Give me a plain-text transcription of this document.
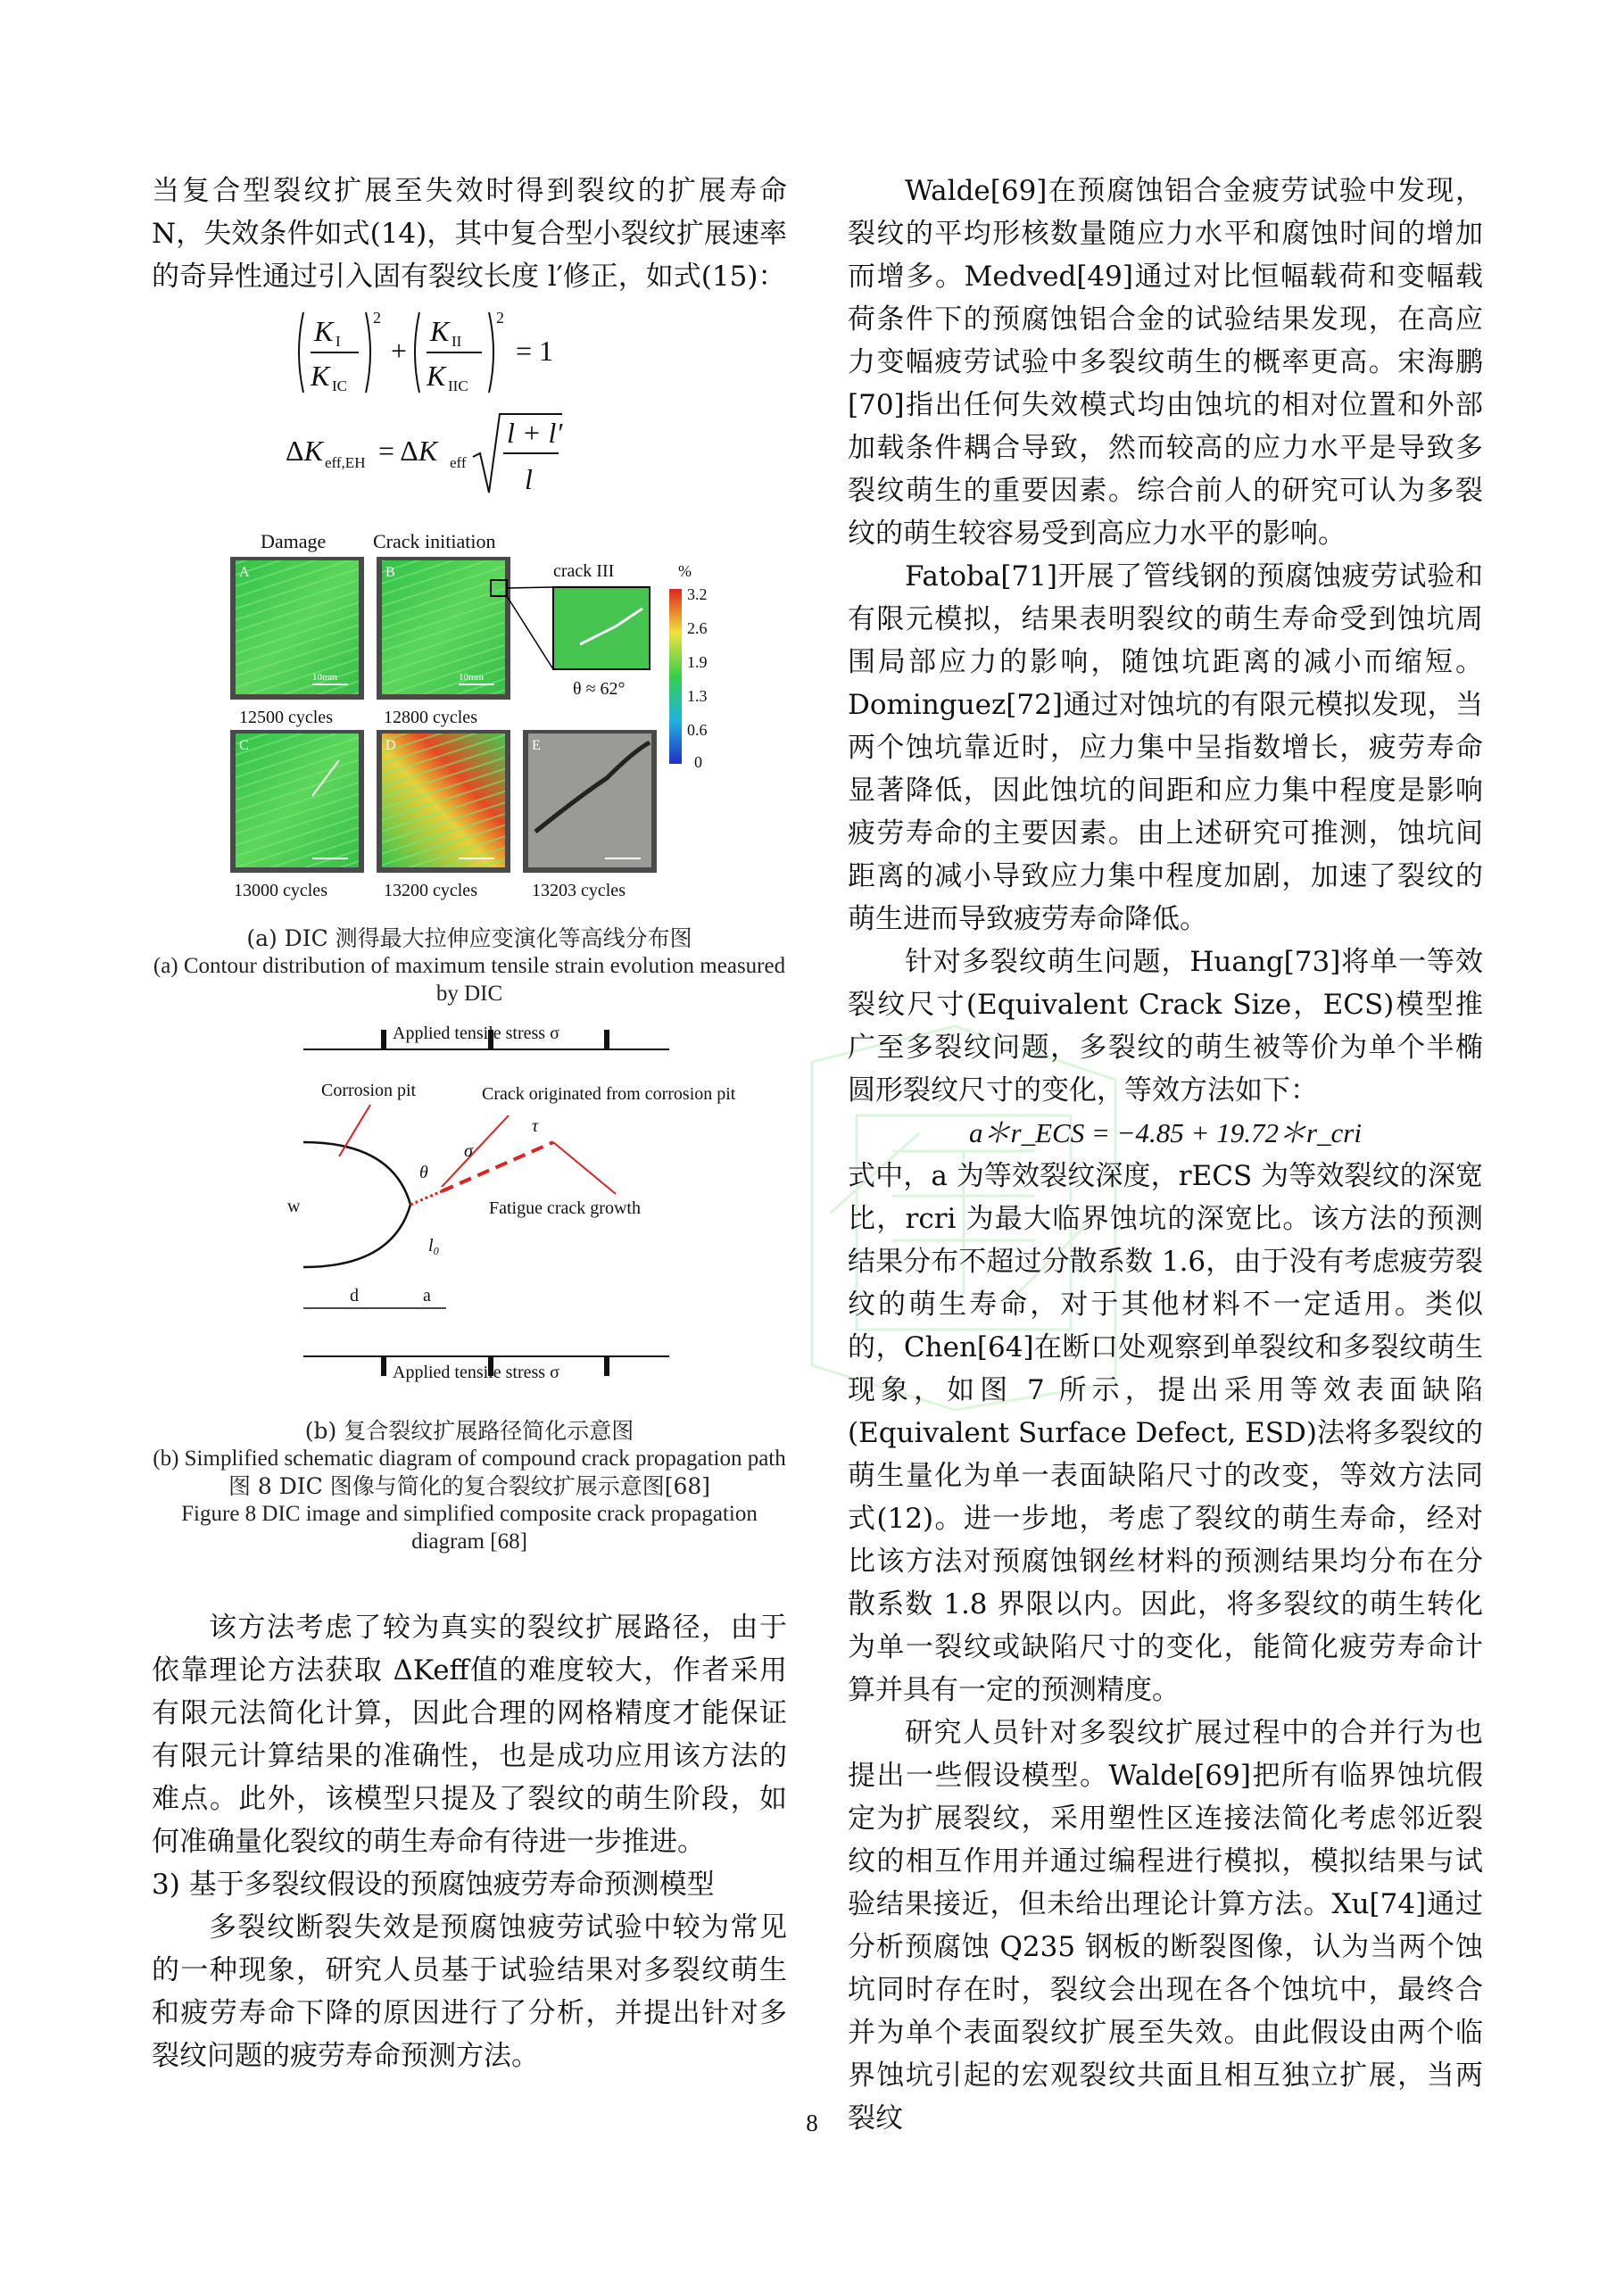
当复合型裂纹扩展至失效时得到裂纹的扩展寿命 N，失效条件如式(14)，其中复合型小裂纹扩展速率的奇异性通过引入固有裂纹长度 l′修正，如式(15)：

K I
K IC
2
+
K II
K IIC
2
= 1
ΔK eff,EH = ΔK eff
l + l′
l
Damage Crack initiation
A
10mm
B
10mm
crack III
θ ≈ 62°
%
3.2
2.6
1.9
1.3
0.6
0
12500 cycles	12800 cycles
C	D	E
13000 cycles	13200 cycles	13203 cycles

(a) DIC 测得最大拉伸应变演化等高线分布图

(a) Contour distribution of maximum tensile strain evolution measured by DIC

Applied tensile stress σ
Corrosion pit	Crack originated from corrosion pit
Fatigue crack growth
θ
σ
τ
l₀
w
d	a
Applied tensile stress σ

(b) 复合裂纹扩展路径简化示意图

(b) Simplified schematic diagram of compound crack propagation path

图 8 DIC 图像与简化的复合裂纹扩展示意图[68]

Figure 8 DIC image and simplified composite crack propagation diagram [68]

该方法考虑了较为真实的裂纹扩展路径，由于依靠理论方法获取 ΔKeff值的难度较大，作者采用有限元法简化计算，因此合理的网格精度才能保证有限元计算结果的准确性，也是成功应用该方法的难点。此外，该模型只提及了裂纹的萌生阶段，如何准确量化裂纹的萌生寿命有待进一步推进。

3) 基于多裂纹假设的预腐蚀疲劳寿命预测模型

多裂纹断裂失效是预腐蚀疲劳试验中较为常见的一种现象，研究人员基于试验结果对多裂纹萌生和疲劳寿命下降的原因进行了分析，并提出针对多裂纹问题的疲劳寿命预测方法。

Walde[69]在预腐蚀铝合金疲劳试验中发现，裂纹的平均形核数量随应力水平和腐蚀时间的增加而增多。Medved[49]通过对比恒幅载荷和变幅载荷条件下的预腐蚀铝合金的试验结果发现，在高应力变幅疲劳试验中多裂纹萌生的概率更高。宋海鹏[70]指出任何失效模式均由蚀坑的相对位置和外部加载条件耦合导致，然而较高的应力水平是导致多裂纹萌生的重要因素。综合前人的研究可认为多裂纹的萌生较容易受到高应力水平的影响。

Fatoba[71]开展了管线钢的预腐蚀疲劳试验和有限元模拟，结果表明裂纹的萌生寿命受到蚀坑周围局部应力的影响，随蚀坑距离的减小而缩短。Dominguez[72]通过对蚀坑的有限元模拟发现，当两个蚀坑靠近时，应力集中呈指数增长，疲劳寿命显著降低，因此蚀坑的间距和应力集中程度是影响疲劳寿命的主要因素。由上述研究可推测，蚀坑间距离的减小导致应力集中程度加剧，加速了裂纹的萌生进而导致疲劳寿命降低。

针对多裂纹萌生问题，Huang[73]将单一等效裂纹尺寸(Equivalent Crack Size，ECS)模型推广至多裂纹问题，多裂纹的萌生被等价为单个半椭圆形裂纹尺寸的变化，等效方法如下：

a＊r_ECS = −4.85 + 19.72＊r_cri

式中，a 为等效裂纹深度，rECS 为等效裂纹的深宽比，rcri 为最大临界蚀坑的深宽比。该方法的预测结果分布不超过分散系数 1.6，由于没有考虑疲劳裂纹的萌生寿命，对于其他材料不一定适用。类似的，Chen[64]在断口处观察到单裂纹和多裂纹萌生现象，如图 7 所示，提出采用等效表面缺陷(Equivalent Surface Defect, ESD)法将多裂纹的萌生量化为单一表面缺陷尺寸的改变，等效方法同式(12)。进一步地，考虑了裂纹的萌生寿命，经对比该方法对预腐蚀钢丝材料的预测结果均分布在分散系数 1.8 界限以内。因此，将多裂纹的萌生转化为单一裂纹或缺陷尺寸的变化，能简化疲劳寿命计算并具有一定的预测精度。

研究人员针对多裂纹扩展过程中的合并行为也提出一些假设模型。Walde[69]把所有临界蚀坑假定为扩展裂纹，采用塑性区连接法简化考虑邻近裂纹的相互作用并通过编程进行模拟，模拟结果与试验结果接近，但未给出理论计算方法。Xu[74]通过分析预腐蚀 Q235 钢板的断裂图像，认为当两个蚀坑同时存在时，裂纹会出现在各个蚀坑中，最终合并为单个表面裂纹扩展至失效。由此假设由两个临界蚀坑引起的宏观裂纹共面且相互独立扩展，当两裂纹

8
